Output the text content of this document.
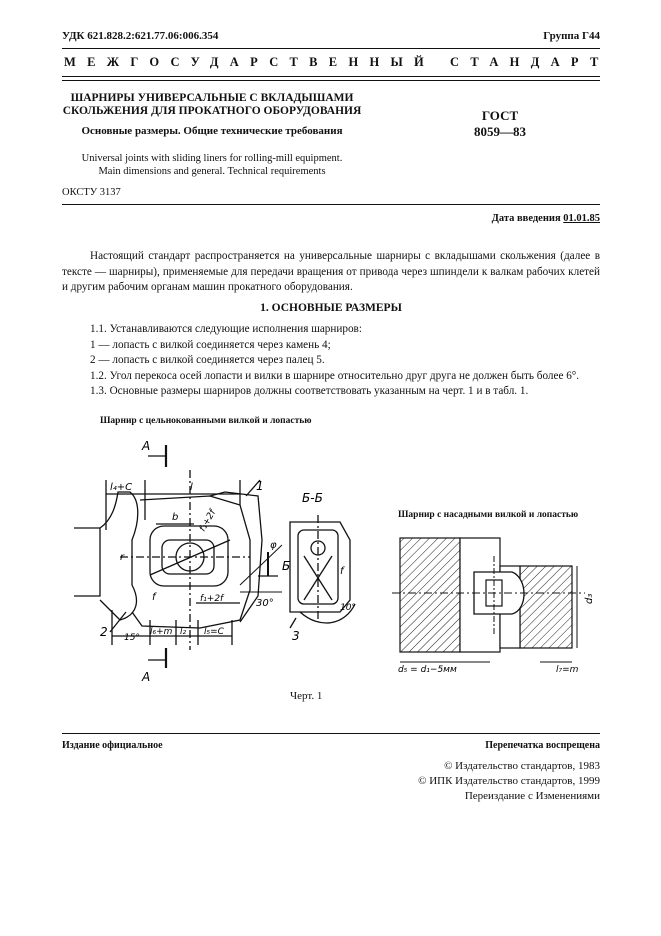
УДК 621.828.2:621.77.06:006.354	Группа Г44
МЕЖГОСУДАРСТВЕННЫЙ СТАНДАРТ
ШАРНИРЫ УНИВЕРСАЛЬНЫЕ С ВКЛАДЫШАМИ
СКОЛЬЖЕНИЯ ДЛЯ ПРОКАТНОГО ОБОРУДОВАНИЯ
Основные размеры. Общие технические требования
Universal joints with sliding liners for rolling-mill equipment.
Main dimensions and general. Technical requirements
ГОСТ
8059—83
ОКСТУ 3137
Дата введения 01.01.85
Настоящий стандарт распространяется на универсальные шарниры с вкладышами скольжения (далее в тексте — шарниры), применяемые для передачи вращения от привода через шпиндели к валкам рабочих клетей и другим рабочим органам машин прокатного оборудования.
1. ОСНОВНЫЕ РАЗМЕРЫ
1.1. Устанавливаются следующие исполнения шарниров:
1 — лопасть с вилкой соединяется через камень 4;
2 — лопасть с вилкой соединяется через палец 5.
1.2. Угол перекоса осей лопасти и вилки в шарнире относительно друг друга не должен быть более 6°.
1.3. Основные размеры шарниров должны соответствовать указанным на черт. 1 и в табл. 1.
Шарнир с цельнокованными вилкой и лопастью
Шарнир с насадными вилкой и лопастью
А
А
l₄+C	l	1
b f₁+2f
f₁+2f
r
φ
Б
30°
f
2 15°
l₆+m l₂ l₅=C
Б-Б
3
10°
f
d₃
d₅ = d₁−5мм	l₇=m
Черт. 1
Издание официальное	Перепечатка воспрещена
© Издательство стандартов, 1983
© ИПК Издательство стандартов, 1999
Переиздание с Изменениями
